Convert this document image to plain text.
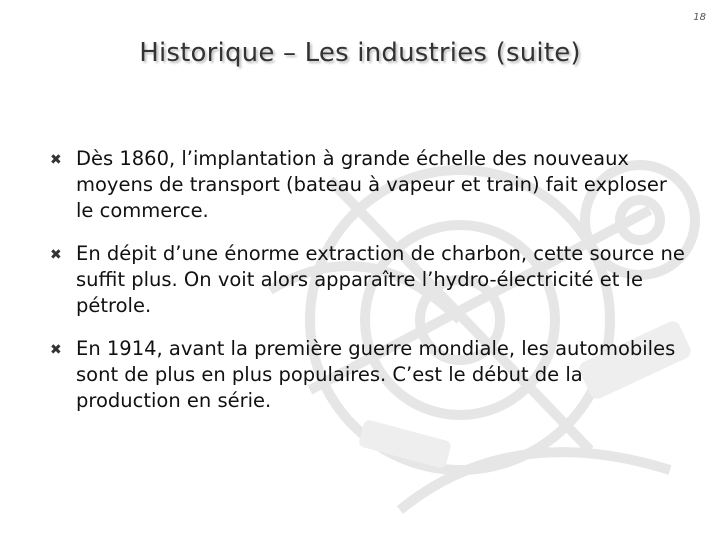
18
Historique – Les industries (suite)
✖ Dès 1860, l’implantation à grande échelle des nouveaux moyens de transport (bateau à vapeur et train) fait exploser le commerce.
✖ En dépit d’une énorme extraction de charbon, cette source ne suffit plus. On voit alors apparaître l’hydro-électricité et le pétrole.
✖ En 1914, avant la première guerre mondiale, les automobiles sont de plus en plus populaires. C’est le début de la production en série.
